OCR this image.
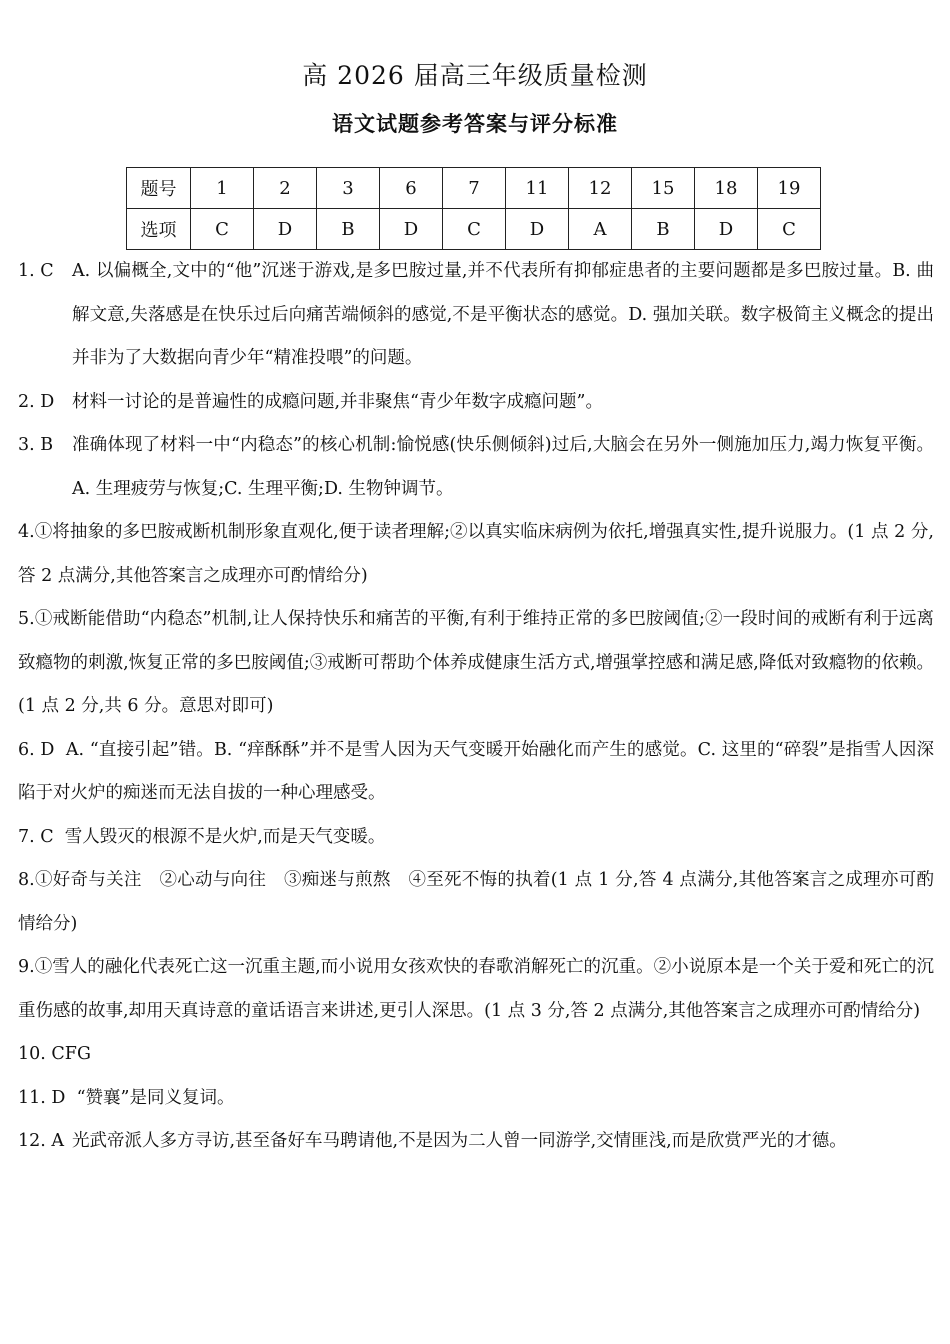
高 2026 届高三年级质量检测
语文试题参考答案与评分标准
题号	1	2	3	6	7	11	12	15	18	19
选项	C	D	B	D	C	D	A	B	D	C
1. C	A. 以偏概全,文中的“他”沉迷于游戏,是多巴胺过量,并不代表所有抑郁症患者的主要问题都是多巴胺过量。B. 曲解文意,失落感是在快乐过后向痛苦端倾斜的感觉,不是平衡状态的感觉。D. 强加关联。数字极简主义概念的提出并非为了大数据向青少年“精准投喂”的问题。
2. D	材料一讨论的是普遍性的成瘾问题,并非聚焦“青少年数字成瘾问题”。
3. B	准确体现了材料一中“内稳态”的核心机制:愉悦感(快乐侧倾斜)过后,大脑会在另外一侧施加压力,竭力恢复平衡。A. 生理疲劳与恢复;C. 生理平衡;D. 生物钟调节。
4.①将抽象的多巴胺戒断机制形象直观化,便于读者理解;②以真实临床病例为依托,增强真实性,提升说服力。(1 点 2 分,答 2 点满分,其他答案言之成理亦可酌情给分)
5.①戒断能借助“内稳态”机制,让人保持快乐和痛苦的平衡,有利于维持正常的多巴胺阈值;②一段时间的戒断有利于远离致瘾物的刺激,恢复正常的多巴胺阈值;③戒断可帮助个体养成健康生活方式,增强掌控感和满足感,降低对致瘾物的依赖。(1 点 2 分,共 6 分。意思对即可)
6. D A. “直接引起”错。B. “痒酥酥”并不是雪人因为天气变暖开始融化而产生的感觉。C. 这里的“碎裂”是指雪人因深陷于对火炉的痴迷而无法自拔的一种心理感受。
7. C 雪人毁灭的根源不是火炉,而是天气变暖。
8.①好奇与关注　②心动与向往　③痴迷与煎熬　④至死不悔的执着(1 点 1 分,答 4 点满分,其他答案言之成理亦可酌情给分)
9.①雪人的融化代表死亡这一沉重主题,而小说用女孩欢快的春歌消解死亡的沉重。②小说原本是一个关于爱和死亡的沉重伤感的故事,却用天真诗意的童话语言来讲述,更引人深思。(1 点 3 分,答 2 点满分,其他答案言之成理亦可酌情给分)
10. CFG
11. D “赞襄”是同义复词。
12. A 光武帝派人多方寻访,甚至备好车马聘请他,不是因为二人曾一同游学,交情匪浅,而是欣赏严光的才德。
